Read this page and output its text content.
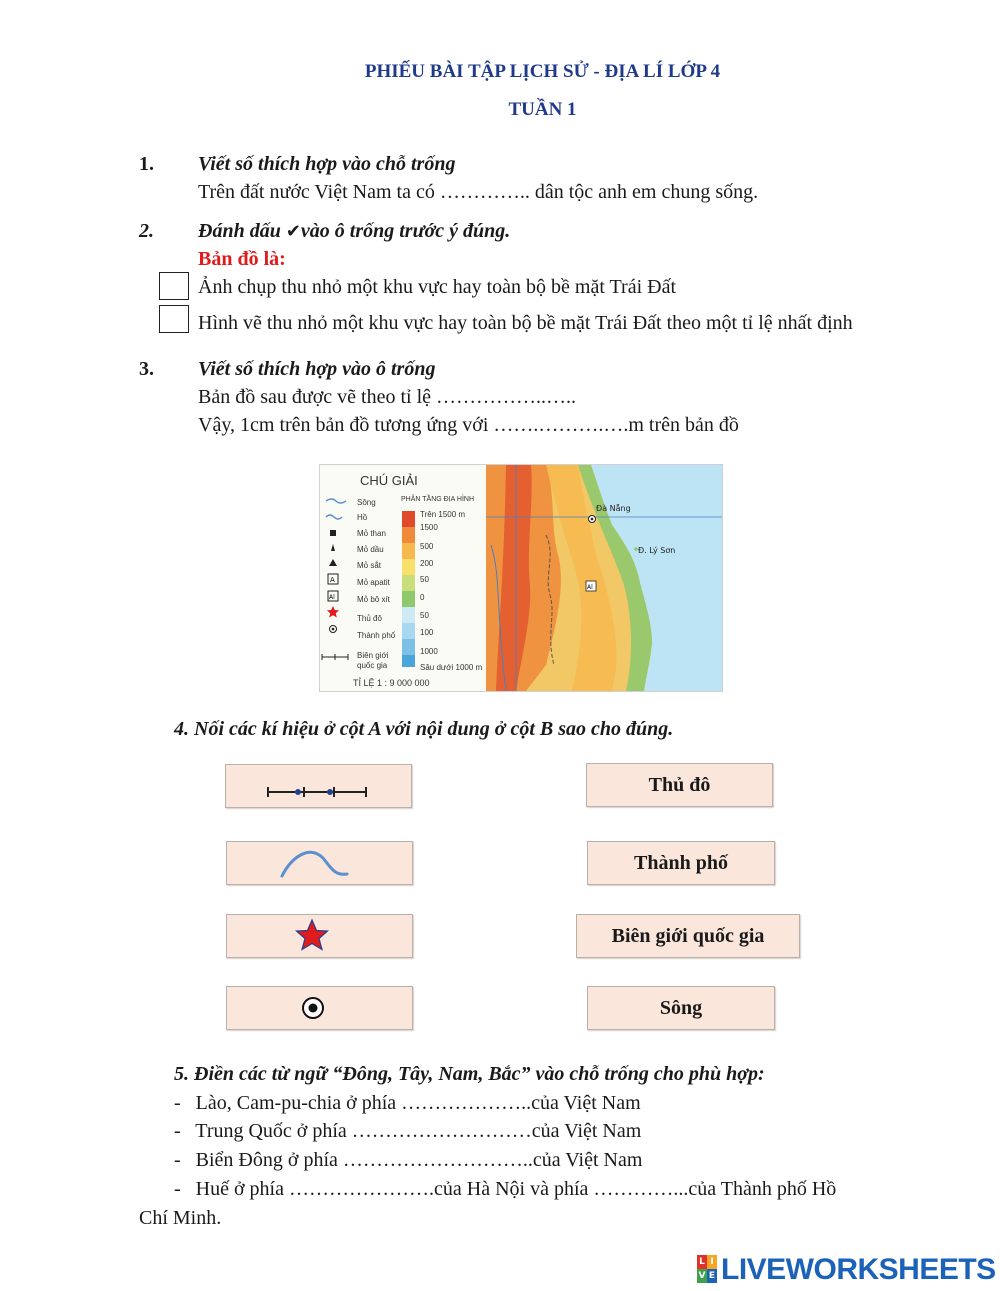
PHIẾU BÀI TẬP LỊCH SỬ - ĐỊA LÍ LỚP 4
TUẦN 1
1. Viết số thích hợp vào chỗ trống
Trên đất nước Việt Nam ta có ………….. dân tộc anh em chung sống.
2. Đánh dấu ✔vào ô trống trước ý đúng.
Bản đồ là:
Ảnh chụp thu nhỏ một khu vực hay toàn bộ bề mặt Trái Đất
Hình vẽ thu nhỏ một khu vực hay toàn bộ bề mặt Trái Đất theo một tỉ lệ nhất định
3. Viết số thích hợp vào ô trống
Bản đồ sau được vẽ theo tỉ lệ ……………..…..
Vậy, 1cm trên bản đồ tương ứng với …….……….….m trên bản đồ
CHÚ GIẢI
A
Al
Sông
Hồ
Mỏ than
Mỏ dầu
Mỏ sắt
Mỏ apatit
Mỏ bô xít
Thủ đô
Thành phố
Biên giới
quốc gia
PHÂN TẦNG ĐỊA HÌNH
Trên 1500 m
1500
500
200
50
0
50
100
1000
Sâu dưới 1000 m
TỈ LỆ 1 : 9 000 000
Al
Đà Nẵng
Đ. Lý Sơn
4. Nối các kí hiệu ở cột A với nội dung ở cột B sao cho đúng.
Thủ đô
Thành phố
Biên giới quốc gia
Sông
5. Điền các từ ngữ “Đông, Tây, Nam, Bắc” vào chỗ trống cho phù hợp:
-   Lào, Cam-pu-chia ở phía ………………..của Việt Nam
-   Trung Quốc ở phía ………………………của Việt Nam
-   Biển Đông ở phía ………………………..của Việt Nam
-   Huế ở phía ………………….của Hà Nội và phía …………...của Thành phố Hồ
Chí Minh.
L I
V E LIVEWORKSHEETS
